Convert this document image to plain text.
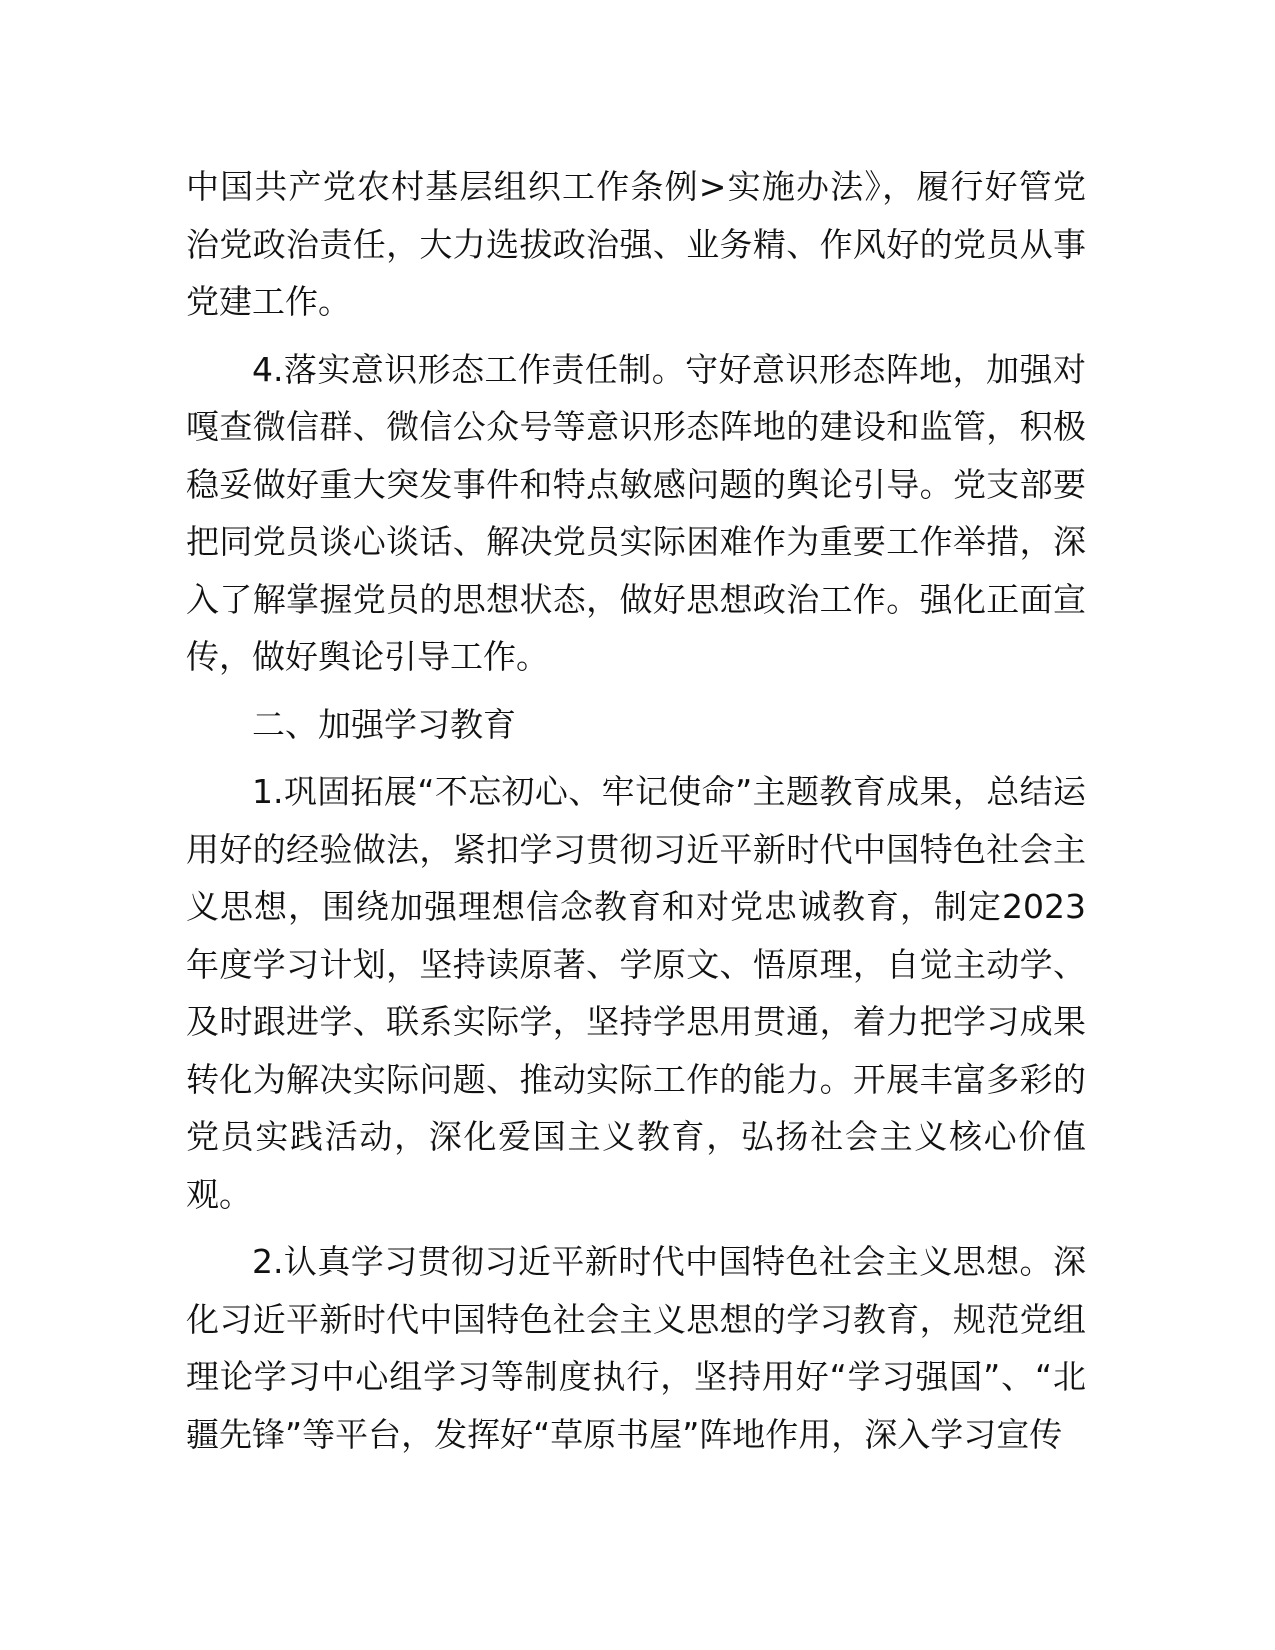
中国共产党农村基层组织工作条例>实施办法》，履行好管党治党政治责任，大力选拔政治强、业务精、作风好的党员从事党建工作。

4.落实意识形态工作责任制。守好意识形态阵地，加强对嘎查微信群、微信公众号等意识形态阵地的建设和监管，积极稳妥做好重大突发事件和特点敏感问题的舆论引导。党支部要把同党员谈心谈话、解决党员实际困难作为重要工作举措，深入了解掌握党员的思想状态，做好思想政治工作。强化正面宣传，做好舆论引导工作。

二、加强学习教育

1.巩固拓展“不忘初心、牢记使命”主题教育成果，总结运用好的经验做法，紧扣学习贯彻习近平新时代中国特色社会主义思想，围绕加强理想信念教育和对党忠诚教育，制定2023年度学习计划，坚持读原著、学原文、悟原理，自觉主动学、及时跟进学、联系实际学，坚持学思用贯通，着力把学习成果转化为解决实际问题、推动实际工作的能力。开展丰富多彩的党员实践活动，深化爱国主义教育，弘扬社会主义核心价值观。

2.认真学习贯彻习近平新时代中国特色社会主义思想。深化习近平新时代中国特色社会主义思想的学习教育，规范党组理论学习中心组学习等制度执行，坚持用好“学习强国”、“北疆先锋”等平台，发挥好“草原书屋”阵地作用，深入学习宣传
